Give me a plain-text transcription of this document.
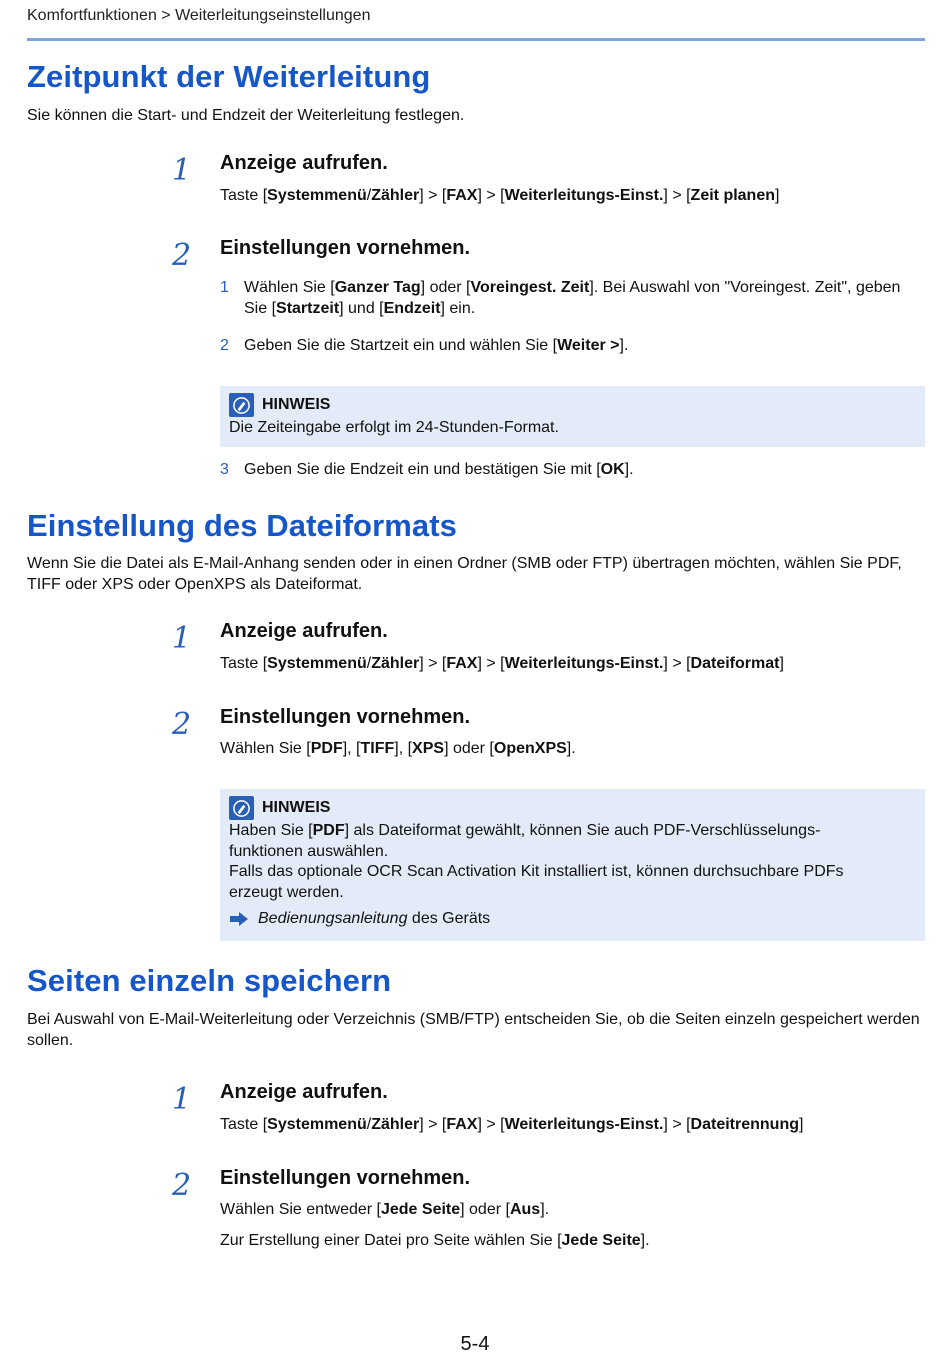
Komfortfunktionen > Weiterleitungseinstellungen
Zeitpunkt der Weiterleitung

Sie können die Start- und Endzeit der Weiterleitung festlegen.

1 Anzeige aufrufen.
Taste [Systemmenü/Zähler] > [FAX] > [Weiterleitungs-Einst.] > [Zeit planen]
2 Einstellungen vornehmen.
1 Wählen Sie [Ganzer Tag] oder [Voreingest. Zeit]. Bei Auswahl von "Voreingest. Zeit", geben Sie [Startzeit] und [Endzeit] ein.
2 Geben Sie die Startzeit ein und wählen Sie [Weiter >].
HINWEIS
Die Zeiteingabe erfolgt im 24-Stunden-Format.
3 Geben Sie die Endzeit ein und bestätigen Sie mit [OK].
Einstellung des Dateiformats

Wenn Sie die Datei als E-Mail-Anhang senden oder in einen Ordner (SMB oder FTP) übertragen möchten, wählen Sie PDF, TIFF oder XPS oder OpenXPS als Dateiformat.

1 Anzeige aufrufen.
Taste [Systemmenü/Zähler] > [FAX] > [Weiterleitungs-Einst.] > [Dateiformat]
2 Einstellungen vornehmen.
Wählen Sie [PDF], [TIFF], [XPS] oder [OpenXPS].
HINWEIS
Haben Sie [PDF] als Dateiformat gewählt, können Sie auch PDF-Verschlüsselungs-funktionen auswählen.
Falls das optionale OCR Scan Activation Kit installiert ist, können durchsuchbare PDFs erzeugt werden.
Bedienungsanleitung des Geräts
Seiten einzeln speichern

Bei Auswahl von E-Mail-Weiterleitung oder Verzeichnis (SMB/FTP) entscheiden Sie, ob die Seiten einzeln gespeichert werden sollen.

1 Anzeige aufrufen.
Taste [Systemmenü/Zähler] > [FAX] > [Weiterleitungs-Einst.] > [Dateitrennung]
2 Einstellungen vornehmen.
Wählen Sie entweder [Jede Seite] oder [Aus].
Zur Erstellung einer Datei pro Seite wählen Sie [Jede Seite].
5-4
